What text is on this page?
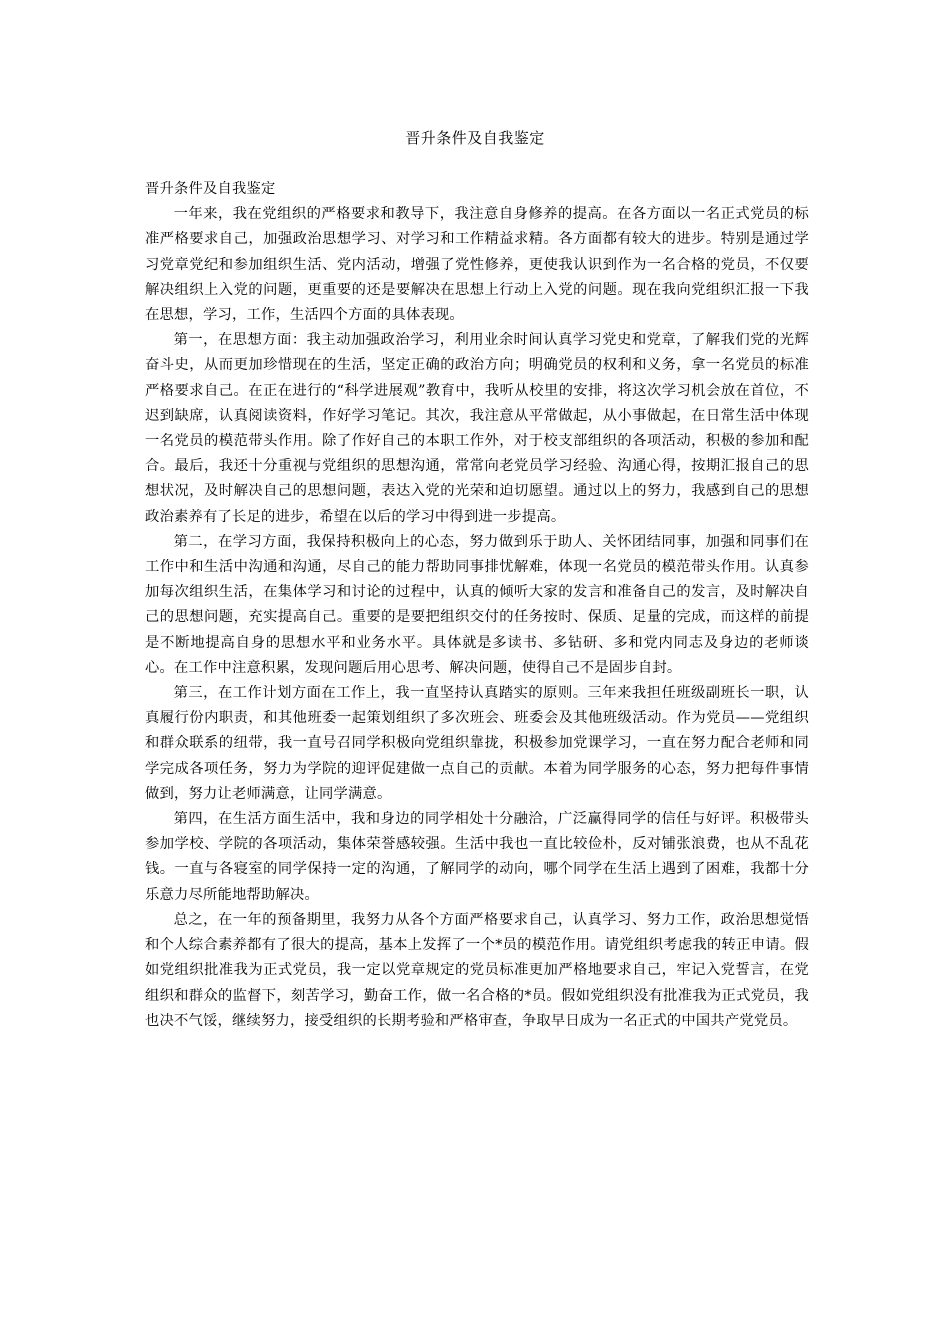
晋升条件及自我鉴定

晋升条件及自我鉴定

一年来，我在党组织的严格要求和教导下，我注意自身修养的提高。在各方面以一名正式党员的标准严格要求自己，加强政治思想学习、对学习和工作精益求精。各方面都有较大的进步。特别是通过学习党章党纪和参加组织生活、党内活动，增强了党性修养，更使我认识到作为一名合格的党员，不仅要解决组织上入党的问题，更重要的还是要解决在思想上行动上入党的问题。现在我向党组织汇报一下我在思想，学习，工作，生活四个方面的具体表现。

第一，在思想方面：我主动加强政治学习，利用业余时间认真学习党史和党章，了解我们党的光辉奋斗史，从而更加珍惜现在的生活，坚定正确的政治方向；明确党员的权利和义务，拿一名党员的标准严格要求自己。在正在进行的“科学进展观”教育中，我听从校里的安排，将这次学习机会放在首位，不迟到缺席，认真阅读资料，作好学习笔记。其次，我注意从平常做起，从小事做起，在日常生活中体现一名党员的模范带头作用。除了作好自己的本职工作外，对于校支部组织的各项活动，积极的参加和配合。最后，我还十分重视与党组织的思想沟通，常常向老党员学习经验、沟通心得，按期汇报自己的思想状况，及时解决自己的思想问题，表达入党的光荣和迫切愿望。通过以上的努力，我感到自己的思想政治素养有了长足的进步，希望在以后的学习中得到进一步提高。

第二，在学习方面，我保持积极向上的心态，努力做到乐于助人、关怀团结同事，加强和同事们在工作中和生活中沟通和沟通，尽自己的能力帮助同事排忧解难，体现一名党员的模范带头作用。认真参加每次组织生活，在集体学习和讨论的过程中，认真的倾听大家的发言和准备自己的发言，及时解决自己的思想问题，充实提高自己。重要的是要把组织交付的任务按时、保质、足量的完成，而这样的前提是不断地提高自身的思想水平和业务水平。具体就是多读书、多钻研、多和党内同志及身边的老师谈心。在工作中注意积累，发现问题后用心思考、解决问题，使得自己不是固步自封。

第三，在工作计划方面在工作上，我一直坚持认真踏实的原则。三年来我担任班级副班长一职，认真履行份内职责，和其他班委一起策划组织了多次班会、班委会及其他班级活动。作为党员——党组织和群众联系的纽带，我一直号召同学积极向党组织靠拢，积极参加党课学习，一直在努力配合老师和同学完成各项任务，努力为学院的迎评促建做一点自己的贡献。本着为同学服务的心态，努力把每件事情做到，努力让老师满意，让同学满意。

第四，在生活方面生活中，我和身边的同学相处十分融洽，广泛赢得同学的信任与好评。积极带头参加学校、学院的各项活动，集体荣誉感较强。生活中我也一直比较俭朴，反对铺张浪费，也从不乱花钱。一直与各寝室的同学保持一定的沟通，了解同学的动向，哪个同学在生活上遇到了困难，我都十分乐意力尽所能地帮助解决。

总之，在一年的预备期里，我努力从各个方面严格要求自己，认真学习、努力工作，政治思想觉悟和个人综合素养都有了很大的提高，基本上发挥了一个*员的模范作用。请党组织考虑我的转正申请。假如党组织批准我为正式党员，我一定以党章规定的党员标准更加严格地要求自己，牢记入党誓言，在党组织和群众的监督下，刻苦学习，勤奋工作，做一名合格的*员。假如党组织没有批准我为正式党员，我也决不气馁，继续努力，接受组织的长期考验和严格审查，争取早日成为一名正式的中国共产党党员。
